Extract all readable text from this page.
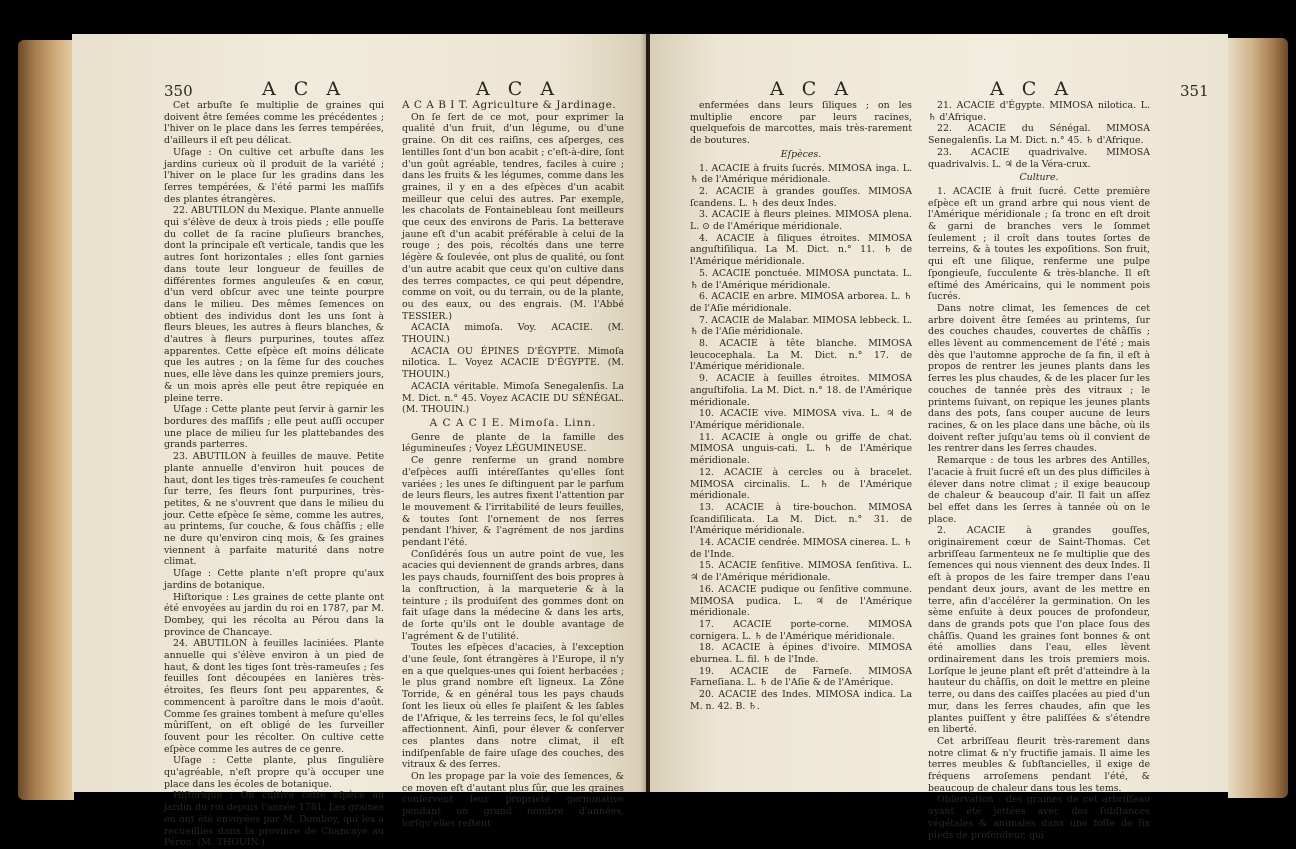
350	A C A	A C A

Cet arbuſte ſe multiplie de graines qui doivent être ſemées comme les précédentes ; l'hiver on le place dans les ſerres tempérées, d'ailleurs il eſt peu délicat.

Uſage : On cultive cet arbuſte dans les jardins curieux où il produit de la variété ; l'hiver on le place ſur les gradins dans les ſerres tempérées, & l'été parmi les maſſifs des plantes étrangères.

22. ABUTILON du Mexique. Plante annuelle qui s'élève de deux à trois pieds ; elle pouſſe du collet de ſa racine pluſieurs branches, dont la principale eſt verticale, tandis que les autres ſont horizontales ; elles ſont garnies dans toute leur longueur de feuilles de différentes formes anguleuſes & en cœur, d'un verd obſcur avec une teinte pourpre dans le milieu. Des mêmes ſemences on obtient des individus dont les uns ſont à fleurs bleues, les autres à fleurs blanches, & d'autres à fleurs purpurines, toutes aſſez apparentes. Cette eſpèce eſt moins délicate que les autres ; on la ſème ſur des couches nues, elle lève dans les quinze premiers jours, & un mois après elle peut être repiquée en pleine terre.

Uſage : Cette plante peut ſervir à garnir les bordures des maſſifs ; elle peut auſſi occuper une place de milieu ſur les plattebandes des grands parterres.

23. ABUTILON à feuilles de mauve. Petite plante annuelle d'environ huit pouces de haut, dont les tiges très-rameuſes ſe couchent ſur terre, ſes fleurs ſont purpurines, très-petites, & ne s'ouvrent que dans le milieu du jour. Cette eſpèce ſe sème, comme les autres, au printems, ſur couche, & ſous châſſis ; elle ne dure qu'environ cinq mois, & ſes graines viennent à parfaite maturité dans notre climat.

Uſage : Cette plante n'eſt propre qu'aux jardins de botanique.

Hiſtorique : Les graines de cette plante ont été envoyées au jardin du roi en 1787, par M. Dombey, qui les récolta au Pérou dans la province de Chancaye.

24. ABUTILON à feuilles laciniées. Plante annuelle qui s'élève environ à un pied de haut, & dont les tiges ſont très-rameuſes ; ſes feuilles ſont découpées en lanières très-étroites, ſes fleurs ſont peu apparentes, & commencent à paroître dans le mois d'août. Comme ſes graines tombent à meſure qu'elles mûriſſent, on eſt obligé de les ſurveiller ſouvent pour les récolter. On cultive cette eſpèce comme les autres de ce genre.

Uſage : Cette plante, plus ſingulière qu'agréable, n'eſt propre qu'à occuper une place dans les écoles de botanique.

Hiſtorique : On cultive cette eſpèce au jardin du roi depuis l'année 1781. Les graines en ont été envoyées par M. Dombey, qui les a recueillies dans la province de Chancaye au Pérou. (M. THOUIN.)

A C A B I T. Agriculture & Jardinage.

On ſe ſert de ce mot, pour exprimer la qualité d'un fruit, d'un légume, ou d'une graine. On dit ces raiſins, ces aſperges, ces lentilles ſont d'un bon acabit ; c'eſt-à-dire, ſont d'un goût agréable, tendres, faciles à cuire ; dans les fruits & les légumes, comme dans les graines, il y en a des eſpèces d'un acabit meilleur que celui des autres. Par exemple, les chacolats de Fontainebleau ſont meilleurs que ceux des environs de Paris. La betterave jaune eſt d'un acabit préférable à celui de la rouge ; des pois, récoltés dans une terre légère & ſoulevée, ont plus de qualité, ou ſont d'un autre acabit que ceux qu'on cultive dans des terres compactes, ce qui peut dépendre, comme on voit, ou du terrain, ou de la plante, ou des eaux, ou des engrais. (M. l'Abbé TESSIER.)

ACACIA mimoſa. Voy. ACACIE. (M. THOUIN.)

ACACIA OU ÉPINES D'ÉGYPTE. Mimoſa nilotica. L. Voyez ACACIE D'ÉGYPTE. (M. THOUIN.)

ACACIA véritable. Mimoſa Senegalenſis. La M. Dict. n.° 45. Voyez ACACIE DU SÉNÉGAL. (M. THOUIN.)

A C A C I E. Mimoſa. Linn.

Genre de plante de la famille des légumineuſes ; Voyez LÉGUMINEUSE.

Ce genre renferme un grand nombre d'eſpèces auſſi intéreſſantes qu'elles ſont variées ; les unes ſe diſtinguent par le parfum de leurs fleurs, les autres fixent l'attention par le mouvement & l'irritabilité de leurs feuilles, & toutes ſont l'ornement de nos ſerres pendant l'hiver, & l'agrément de nos jardins pendant l'été.

Conſidérés ſous un autre point de vue, les acacies qui deviennent de grands arbres, dans les pays chauds, fourniſſent des bois propres à la conſtruction, à la marqueterie & à la teinture ; ils produiſent des gommes dont on fait uſage dans la médecine & dans les arts, de ſorte qu'ils ont le double avantage de l'agrément & de l'utilité.

Toutes les eſpèces d'acacies, à l'exception d'une ſeule, ſont étrangères à l'Europe, il n'y en a que quelques-unes qui ſoient herbacées ; le plus grand nombre eſt ligneux. La Zône Torride, & en général tous les pays chauds ſont les lieux où elles ſe plaiſent & les ſables de l'Afrique, & les terreins ſecs, le ſol qu'elles affectionnent. Ainſi, pour élever & conſerver ces plantes dans notre climat, il eſt indiſpenſable de faire uſage des couches, des vitraux & des ſerres.

On les propage par la voie des ſemences, & ce moyen eſt d'autant plus ſûr, que les graines conſervent leur propriété germinative pendant un grand nombre d'années, lorſqu'elles reſtent

A C A	A C A	351

enfermées dans leurs ſiliques ; on les multiplie encore par leurs racines, quelquefois de marcottes, mais très-rarement de boutures.

Eſpèces.

1. ACACIE à fruits ſucrés. MIMOSA inga. L. ♄ de l'Amérique méridionale.

2. ACACIE à grandes gouſſes. MIMOSA ſcandens. L. ♄ des deux Indes.

3. ACACIE à fleurs pleines. MIMOSA plena. L. ⊙ de l'Amérique méridionale.

4. ACACIE à ſiliques étroites. MIMOSA anguſtiſiliqua. La M. Dict. n.° 11. ♄ de l'Amérique méridionale.

5. ACACIE ponctuée. MIMOSA punctata. L. ♄ de l'Amérique méridionale.

6. ACACIE en arbre. MIMOSA arborea. L. ♄ de l'Aſie méridionale.

7. ACACIE de Malabar. MIMOSA lebbeck. L. ♄ de l'Aſie méridionale.

8. ACACIE à tête blanche. MIMOSA leucocephala. La M. Dict. n.° 17. de l'Amérique méridionale.

9. ACACIE à ſeuilles étroites. MIMOSA anguſtifolia. La M. Dict. n.° 18. de l'Amérique méridionale.

10. ACACIE vive. MIMOSA viva. L. ♃ de l'Amérique méridionale.

11. ACACIE à ongle ou griffe de chat. MIMOSA unguis-cati. L. ♄ de l'Amérique méridionale.

12. ACACIE à cercles ou à bracelet. MIMOSA circinalis. L. ♄ de l'Amérique méridionale.

13. ACACIE à tire-bouchon. MIMOSA ſcandiſilicata. La M. Dict. n.° 31. de l'Amérique méridionale.

14. ACACIE cendrée. MIMOSA cinerea. L. ♄ de l'Inde.

15. ACACIE ſenſitive. MIMOSA ſenſitiva. L. ♃ de l'Amérique méridionale.

16. ACACIE pudique ou ſenſitive commune. MIMOSA pudica. L. ♃ de l'Amérique méridionale.

17. ACACIE porte-corne. MIMOSA cornigera. L. ♄ de l'Amérique méridionale.

18. ACACIE à épines d'ivoire. MIMOSA eburnea. L. fil. ♄ de l'Inde.

19. ACACIE de Farneſe. MIMOSA Farneſiana. L. ♄ de l'Aſie & de l'Amérique.

20. ACACIE des Indes. MIMOSA indica. La M. n. 42. B. ♄.

21. ACACIE d'Égypte. MIMOSA nilotica. L. ♄ d'Afrique.

22. ACACIE du Sénégal. MIMOSA Senegalenſis. La M. Dict. n.° 45. ♄ d'Afrique.

23. ACACIE quadrivalve. MIMOSA quadrivalvis. L. ♃ de la Véra-crux.

Culture.

1. ACACIE à fruit ſucré. Cette première eſpèce eſt un grand arbre qui nous vient de l'Amérique méridionale ; ſa tronc en eſt droit & garni de branches vers le ſommet ſeulement ; il croît dans toutes ſortes de terreins, & à toutes les expoſitions. Son fruit, qui eſt une ſilique, renferme une pulpe ſpongieuſe, ſucculente & très-blanche. Il eſt eſtimé des Américains, qui le nomment pois ſucrés.

Dans notre climat, les ſemences de cet arbre doivent être ſemées au printems, ſur des couches chaudes, couvertes de châſſis ; elles lèvent au commencement de l'été ; mais dès que l'automne approche de ſa fin, il eſt à propos de rentrer les jeunes plants dans les ſerres les plus chaudes, & de les placer ſur les couches de tannée près des vitraux ; le printems ſuivant, on repique les jeunes plants dans des pots, ſans couper aucune de leurs racines, & on les place dans une bâche, où ils doivent reſter juſqu'au tems où il convient de les rentrer dans les ſerres chaudes.

Remarque : de tous les arbres des Antilles, l'acacie à fruit ſucré eſt un des plus difficiles à élever dans notre climat ; il exige beaucoup de chaleur & beaucoup d'air. Il fait un aſſez bel effet dans les ſerres à tannée où on le place.

2. ACACIE à grandes gouſſes, originairement cœur de Saint-Thomas. Cet arbriſſeau ſarmenteux ne ſe multiplie que des ſemences qui nous viennent des deux Indes. Il eſt à propos de les faire tremper dans l'eau pendant deux jours, avant de les mettre en terre, afin d'accélérer la germination. On les sème enſuite à deux pouces de profondeur, dans de grands pots que l'on place ſous des châſſis. Quand les graines ſont bonnes & ont été amollies dans l'eau, elles lèvent ordinairement dans les trois premiers mois. Lorſque le jeune plant eſt prêt d'atteindre à la hauteur du châſſis, on doit le mettre en pleine terre, ou dans des caiſſes placées au pied d'un mur, dans les ſerres chaudes, afin que les plantes puiſſent y être paliſſées & s'étendre en liberté.

Cet arbriſſeau fleurit très-rarement dans notre climat & n'y fructifie jamais. Il aime les terres meubles & ſubſtancielles, il exige de fréquens arroſemens pendant l'été, & beaucoup de chaleur dans tous les tems.

Obſervation : des graines de cet arbriſſeau ayant été jettées avec des ſubſtances végétales & animales dans une foſſe de ſix pieds de profondeur, qui
